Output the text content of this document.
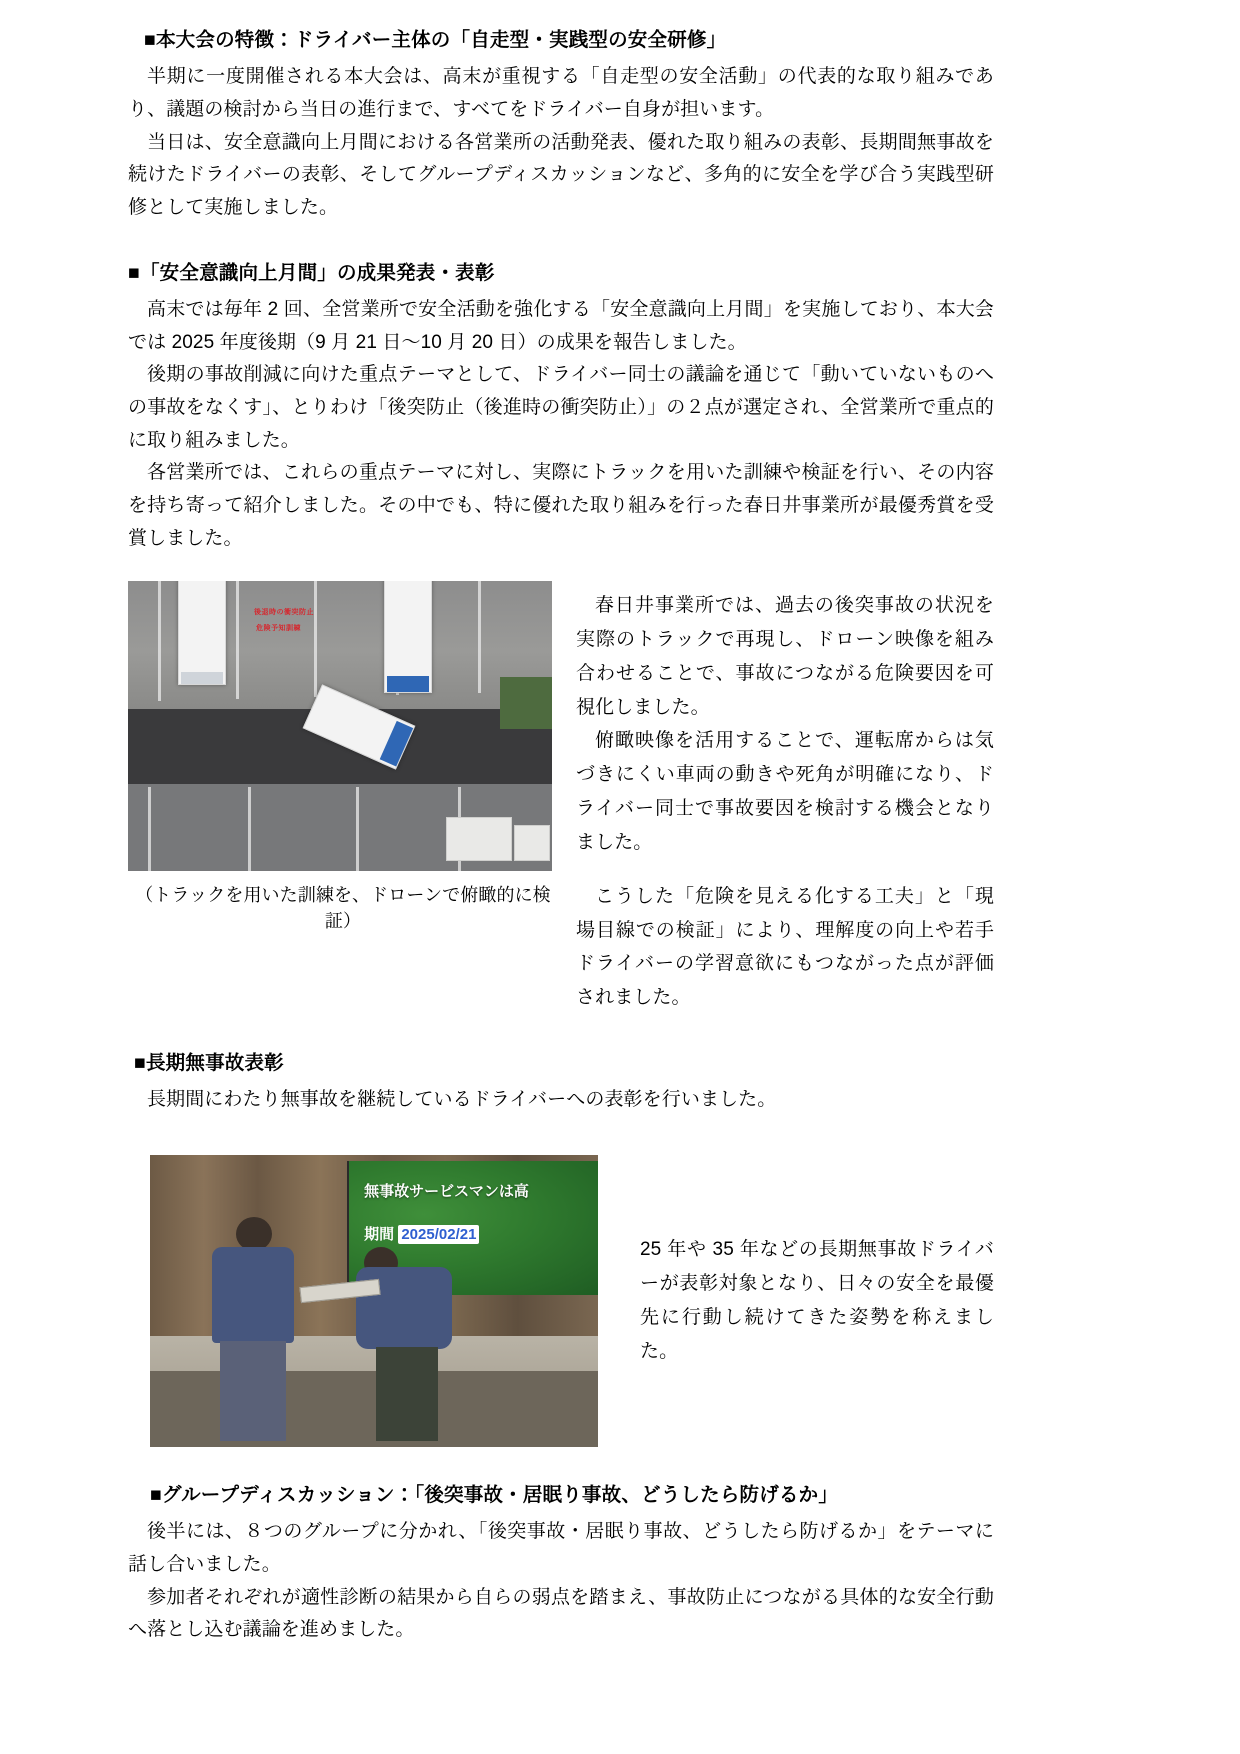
■本大会の特徴：ドライバー主体の「自走型・実践型の安全研修」

半期に一度開催される本大会は、高末が重視する「自走型の安全活動」の代表的な取り組みであり、議題の検討から当日の進行まで、すべてをドライバー自身が担います。

当日は、安全意識向上月間における各営業所の活動発表、優れた取り組みの表彰、長期間無事故を続けたドライバーの表彰、そしてグループディスカッションなど、多角的に安全を学び合う実践型研修として実施しました。

■「安全意識向上月間」の成果発表・表彰

高末では毎年 2 回、全営業所で安全活動を強化する「安全意識向上月間」を実施しており、本大会では 2025 年度後期（9 月 21 日～10 月 20 日）の成果を報告しました。

後期の事故削減に向けた重点テーマとして、ドライバー同士の議論を通じて「動いていないものへの事故をなくす」、とりわけ「後突防止（後進時の衝突防止）」の２点が選定され、全営業所で重点的に取り組みました。

各営業所では、これらの重点テーマに対し、実際にトラックを用いた訓練や検証を行い、その内容を持ち寄って紹介しました。その中でも、特に優れた取り組みを行った春日井事業所が最優秀賞を受賞しました。

後退時の衝突防止
危険予知訓練
（トラックを用いた訓練を、ドローンで俯瞰的に検証）

春日井事業所では、過去の後突事故の状況を実際のトラックで再現し、ドローン映像を組み合わせることで、事故につながる危険要因を可視化しました。

俯瞰映像を活用することで、運転席からは気づきにくい車両の動きや死角が明確になり、ドライバー同士で事故要因を検討する機会となりました。

こうした「危険を見える化する工夫」と「現場目線での検証」により、理解度の向上や若手ドライバーの学習意欲にもつながった点が評価されました。

■長期無事故表彰

長期間にわたり無事故を継続しているドライバーへの表彰を行いました。

無事故サービスマンは高
期間 2025/02/21

25 年や 35 年などの長期無事故ドライバーが表彰対象となり、日々の安全を最優先に行動し続けてきた姿勢を称えました。

■グループディスカッション：「後突事故・居眠り事故、どうしたら防げるか」

後半には、８つのグループに分かれ、「後突事故・居眠り事故、どうしたら防げるか」をテーマに話し合いました。

参加者それぞれが適性診断の結果から自らの弱点を踏まえ、事故防止につながる具体的な安全行動へ落とし込む議論を進めました。
